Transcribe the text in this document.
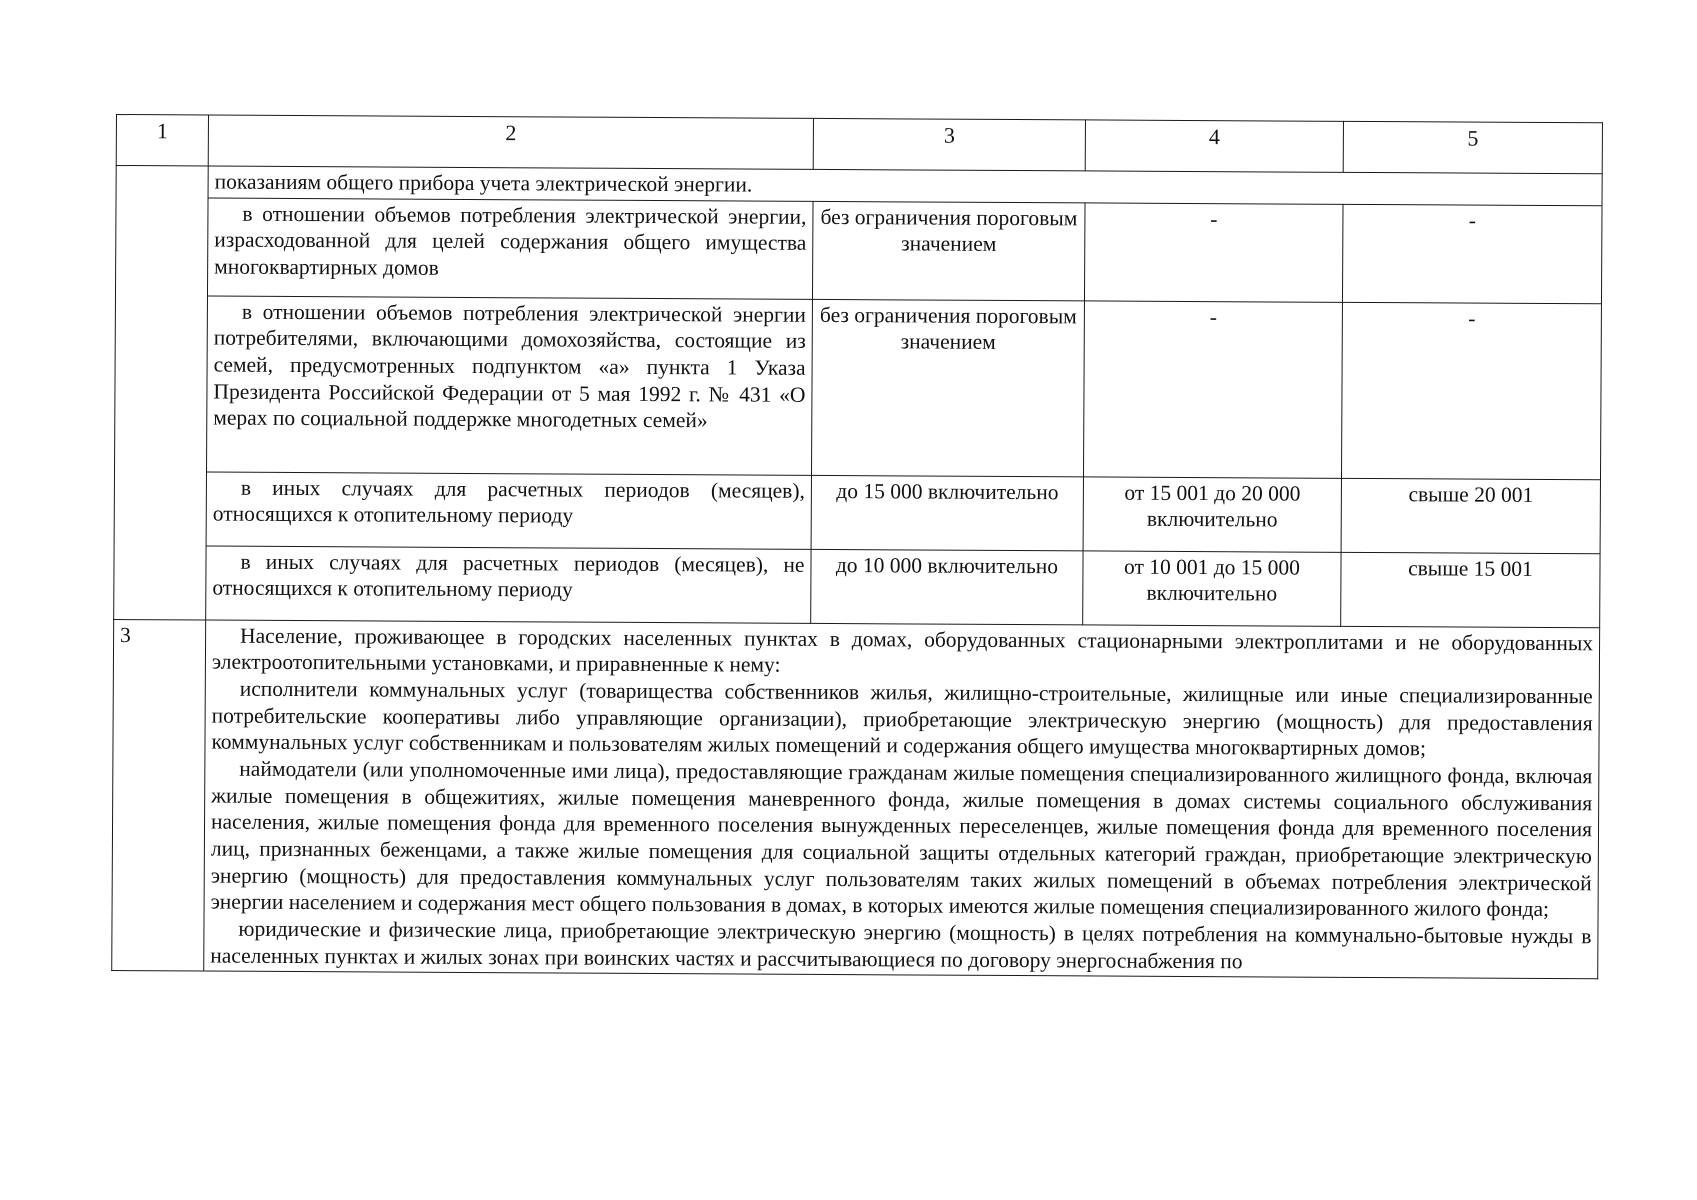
1	2	3	4	5
	показаниям общего прибора учета электрической энергии.			
	в отношении объемов потребления электрической энергии, израсходованной для целей содержания общего имущества многоквартирных домов	без ограничения пороговым значением	-	-
	в отношении объемов потребления электрической энергии потребителями, включающими домохозяйства, состоящие из семей, предусмотренных подпунктом «а» пункта 1 Указа Президента Российской Федерации от 5 мая 1992 г. № 431 «О мерах по социальной поддержке многодетных семей»	без ограничения пороговым значением	-	-
	в иных случаях для расчетных периодов (месяцев), относящихся к отопительному периоду	до 15 000 включительно	от 15 001 до 20 000 включительно	свыше 20 001
	в иных случаях для расчетных периодов (месяцев), не относящихся к отопительному периоду	до 10 000 включительно	от 10 001 до 15 000 включительно	свыше 15 001
3	Население, проживающее в городских населенных пунктах в домах, оборудованных стационарными электроплитами и не оборудованных электроотопительными установками, и приравненные к нему:

исполнители коммунальных услуг (товарищества собственников жилья, жилищно-строительные, жилищные или иные специализированные потребительские кооперативы либо управляющие организации), приобретающие электрическую энергию (мощность) для предоставления коммунальных услуг собственникам и пользователям жилых помещений и содержания общего имущества многоквартирных домов;

наймодатели (или уполномоченные ими лица), предоставляющие гражданам жилые помещения специализированного жилищного фонда, включая жилые помещения в общежитиях, жилые помещения маневренного фонда, жилые помещения в домах системы социального обслуживания населения, жилые помещения фонда для временного поселения вынужденных переселенцев, жилые помещения фонда для временного поселения лиц, признанных беженцами, а также жилые помещения для социальной защиты отдельных категорий граждан, приобретающие электрическую энергию (мощность) для предоставления коммунальных услуг пользователям таких жилых помещений в объемах потребления электрической энергии населением и содержания мест общего пользования в домах, в которых имеются жилые помещения специализированного жилого фонда;

юридические и физические лица, приобретающие электрическую энергию (мощность) в целях потребления на коммунально-бытовые нужды в населенных пунктах и жилых зонах при воинских частях и рассчитывающиеся по договору энергоснабжения по			
